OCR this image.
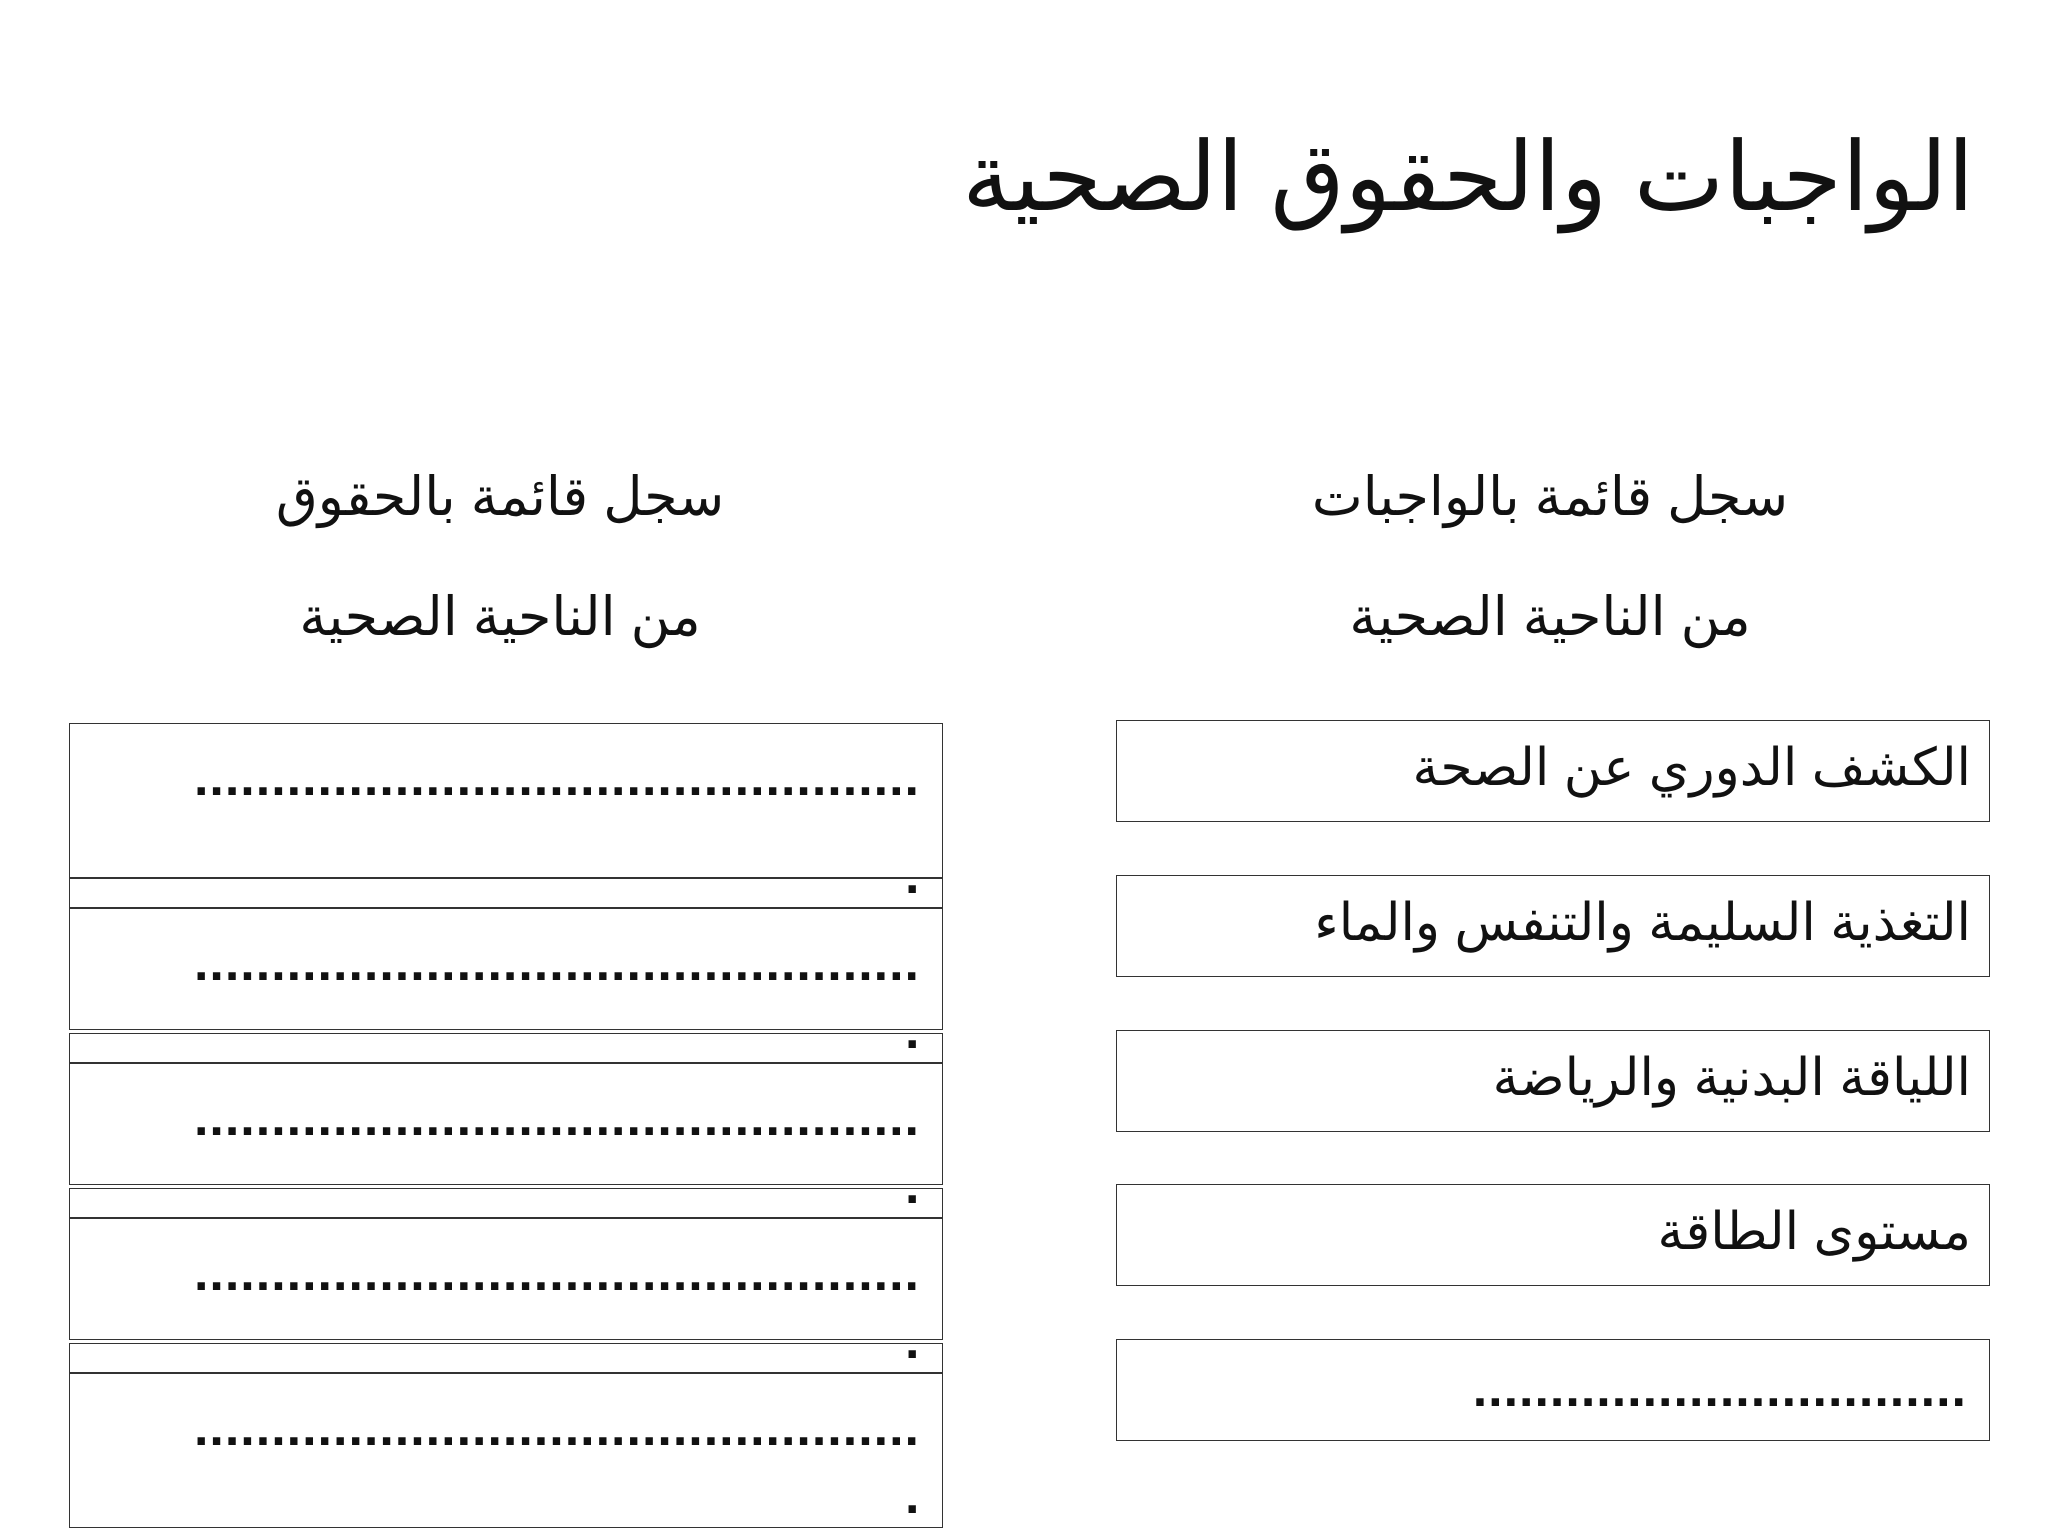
الواجبات والحقوق الصحية
سجل قائمة بالواجبات
من الناحية الصحية
سجل قائمة بالحقوق
من الناحية الصحية
الكشف الدوري عن الصحة
التغذية السليمة والتنفس والماء
اللياقة البدنية والرياضة
مستوى الطاقة
................................
...............................................
...............................................
...............................................
...............................................
...............................................
.
.
.
.
.
